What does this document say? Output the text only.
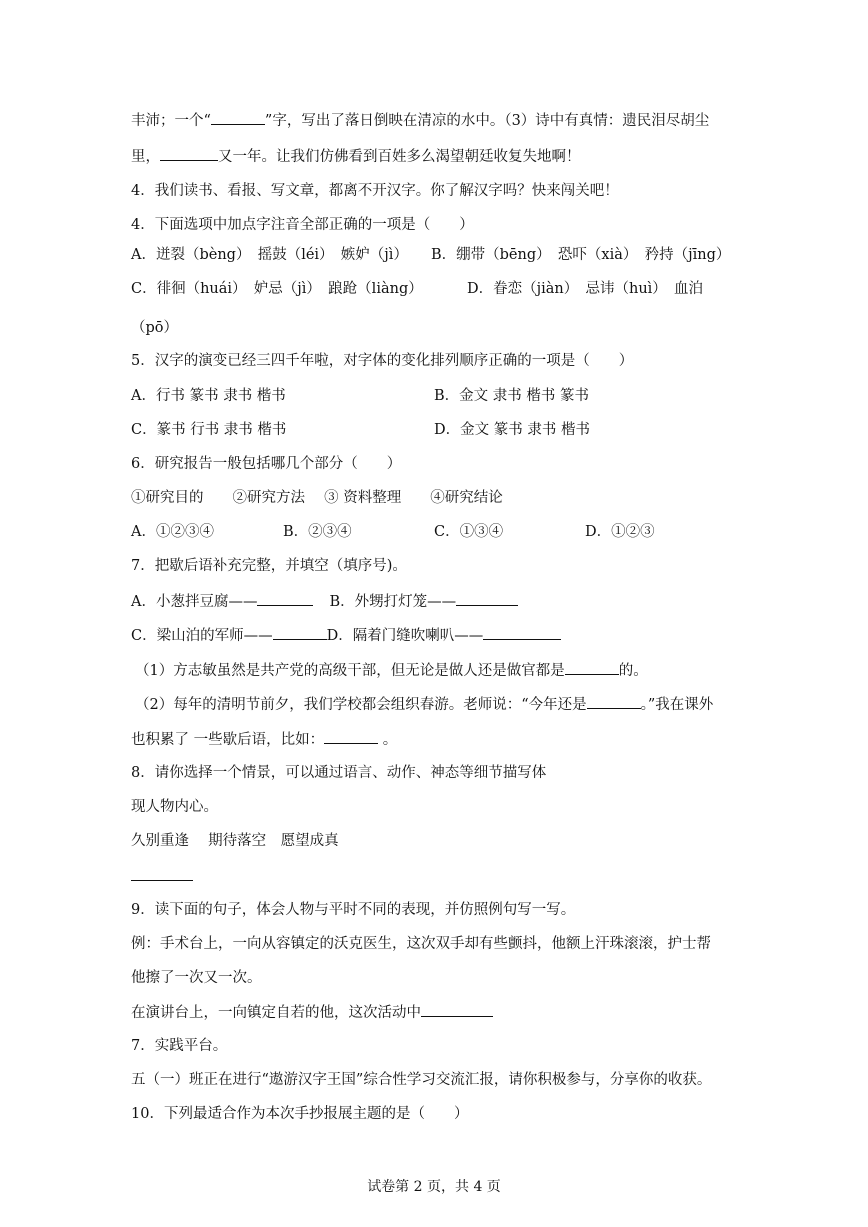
丰沛；一个“	”字，写出了落日倒映在清凉的水中。（3）诗中有真情：遗民泪尽胡尘
里，	又一年。让我们仿佛看到百姓多么渴望朝廷收复失地啊！
4．我们读书、看报、写文章，都离不开汉字。你了解汉字吗？快来闯关吧！
4．下面选项中加点字注音全部正确的一项是（　　）
A．迸裂（bèng）　摇鼓（léi）　嫉妒（jì） B．绷带（bēng）　恐吓（xià）　矜持（jīng）
C．徘徊（huái）　妒忌（jì）　踉跄（liàng）	D．眷恋（jiàn）　忌讳（huì）　血泊
（pō）
5．汉字的演变已经三四千年啦，对字体的变化排列顺序正确的一项是（　　）
A．行书 篆书 隶书 楷书	B．金文 隶书 楷书 篆书
C．篆书 行书 隶书 楷书	D．金文 篆书 隶书 楷书
6．研究报告一般包括哪几个部分（　　）
①研究目的　　②研究方法　 ③ 资料整理　　④研究结论
A．①②③④	B．②③④	C．①③④	D．①②③
7．把歇后语补充完整，并填空（填序号)。
A．小葱拌豆腐——	B．外甥打灯笼——
C．梁山泊的军师——	D．隔着门缝吹喇叭——
（1）方志敏虽然是共产党的高级干部，但无论是做人还是做官都是	的。
（2）每年的清明节前夕，我们学校都会组织春游。老师说：“今年还是	。”我在课外
也积累了 一些歇后语，比如：	。
8．请你选择一个情景，可以通过语言、动作、神态等细节描写体
现人物内心。
久别重逢　 期待落空　愿望成真
9．读下面的句子，体会人物与平时不同的表现，并仿照例句写一写。
例：手术台上，一向从容镇定的沃克医生，这次双手却有些颤抖，他额上汗珠滚滚，护士帮
他擦了一次又一次。
在演讲台上，一向镇定自若的他，这次活动中
7．实践平台。
五（一）班正在进行“遨游汉字王国”综合性学习交流汇报，请你积极参与，分享你的收获。
10．下列最适合作为本次手抄报展主题的是（　　）
试卷第 2 页，共 4 页
